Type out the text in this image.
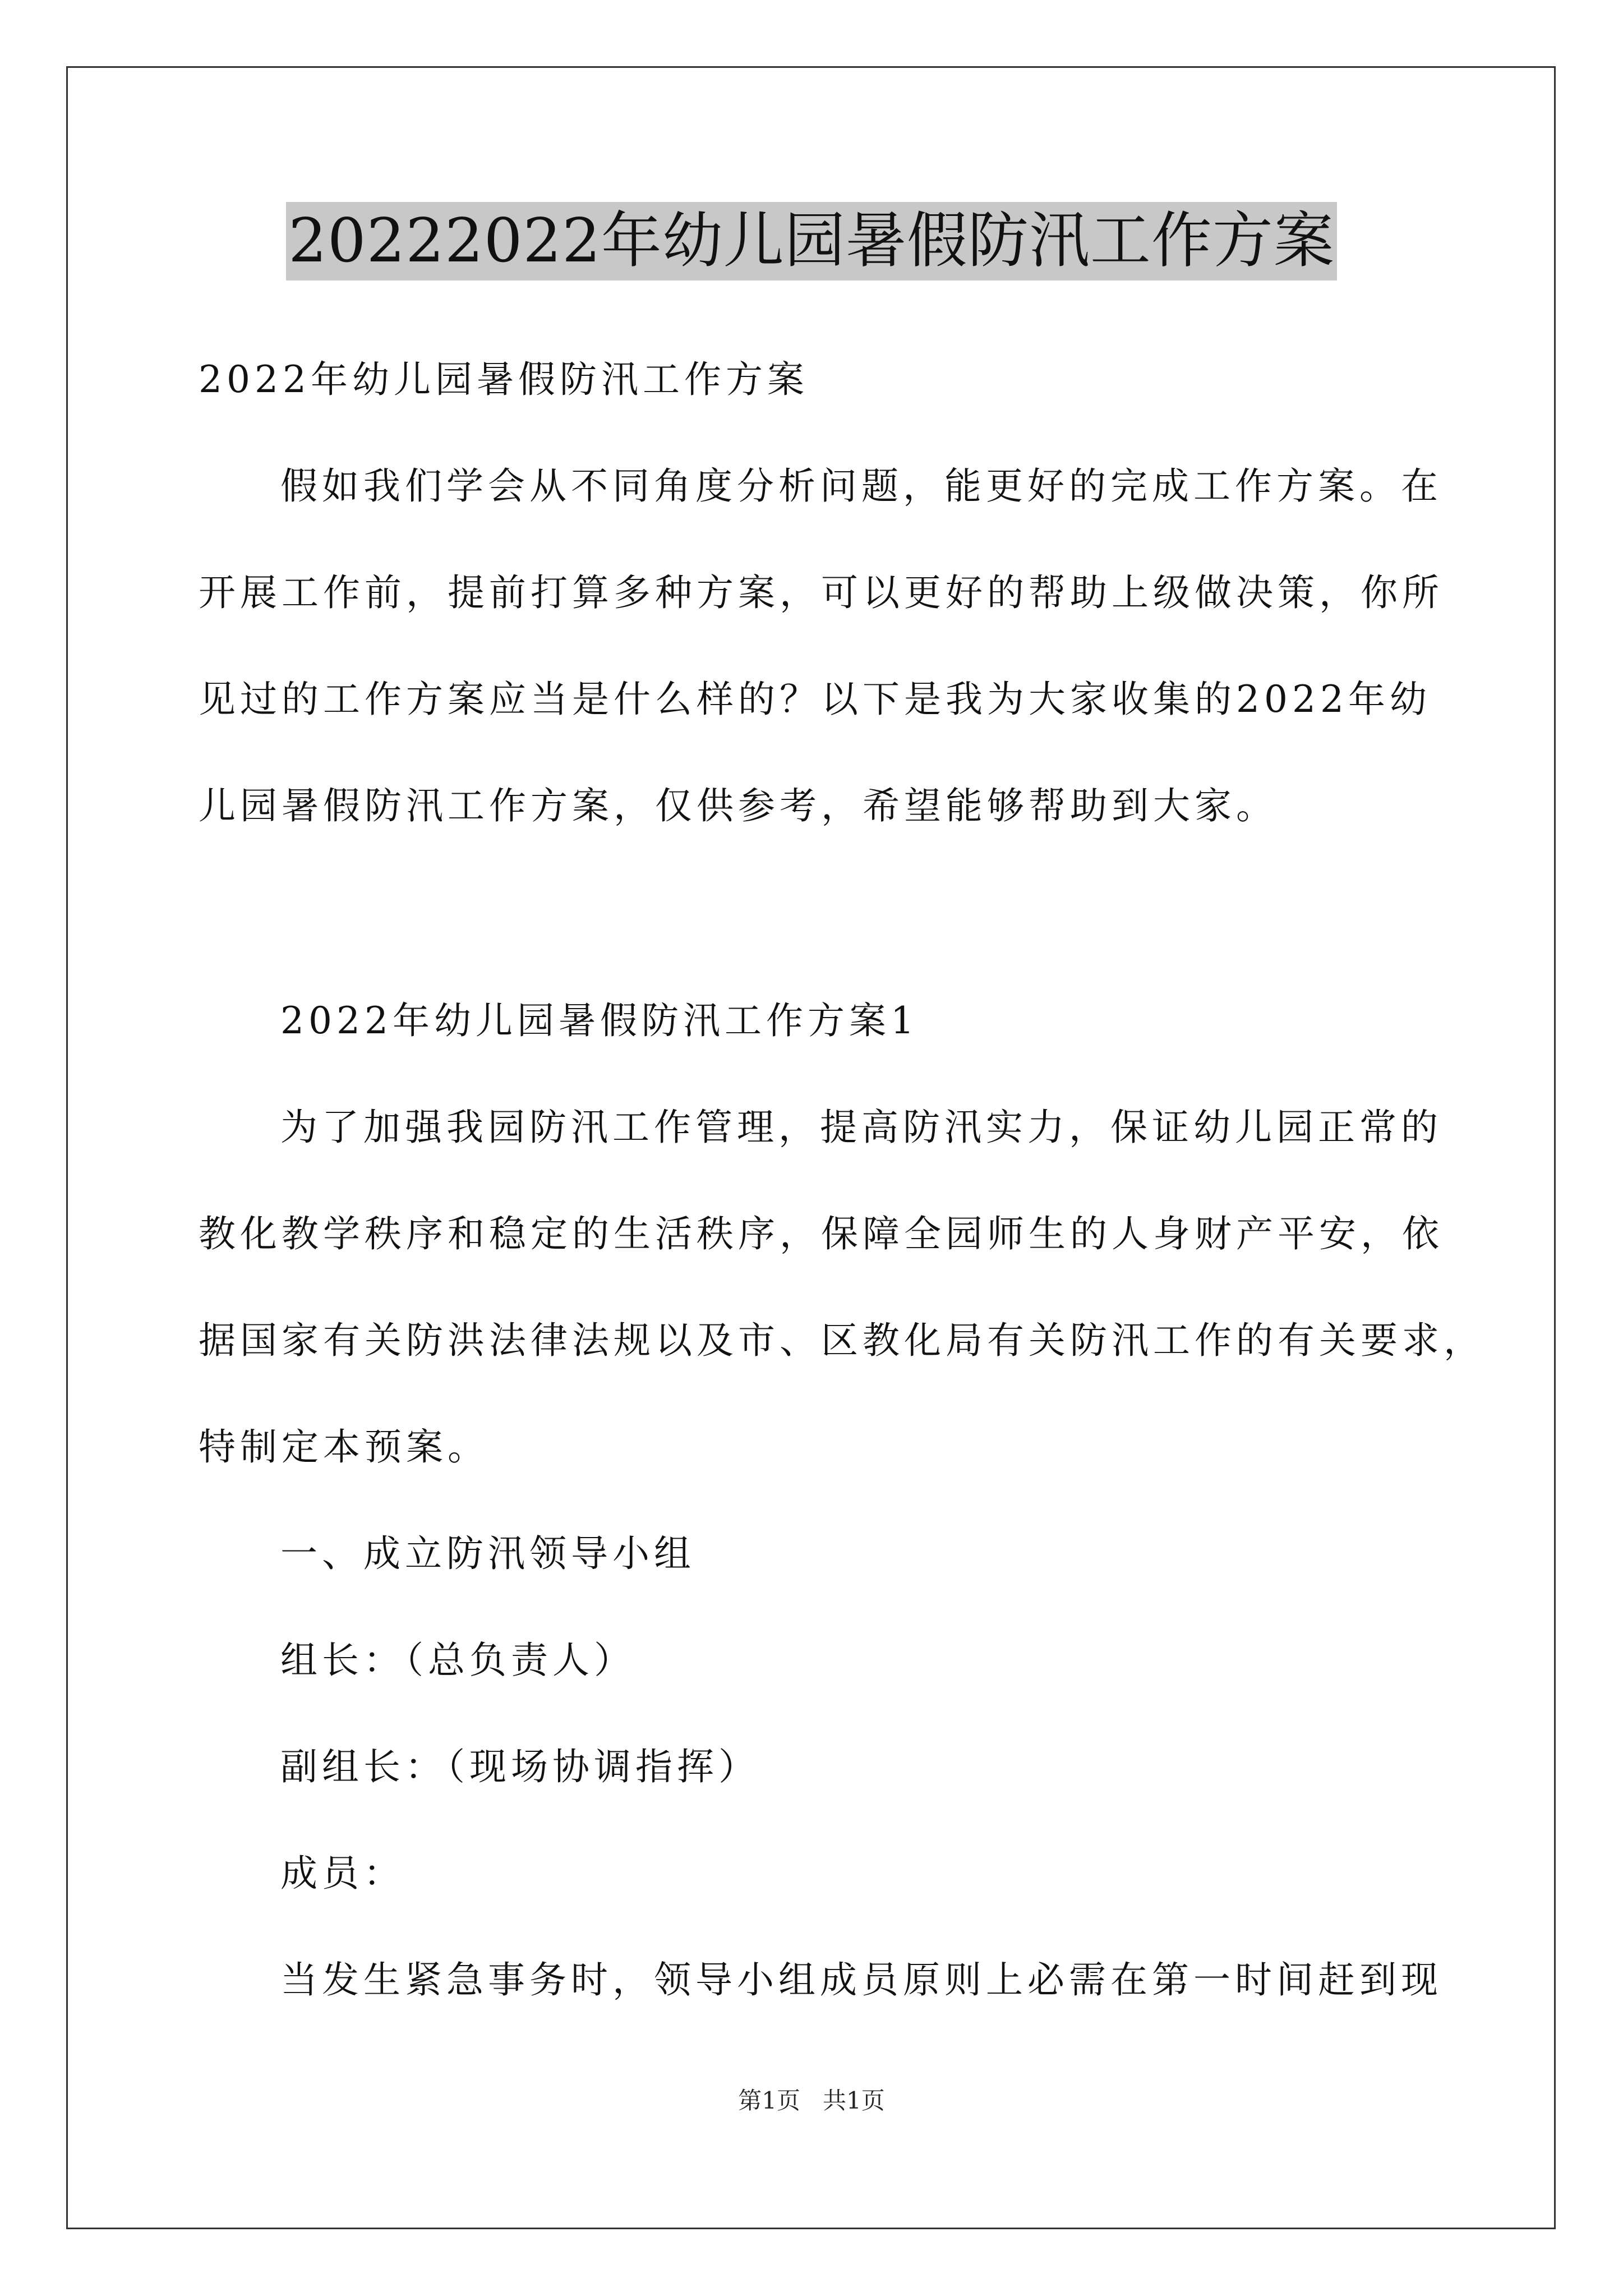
20222022年幼儿园暑假防汛工作方案
2022年幼儿园暑假防汛工作方案
假如我们学会从不同角度分析问题，能更好的完成工作方案。在
开展工作前，提前打算多种方案，可以更好的帮助上级做决策，你所
见过的工作方案应当是什么样的？以下是我为大家收集的2022年幼
儿园暑假防汛工作方案，仅供参考，希望能够帮助到大家。
2022年幼儿园暑假防汛工作方案1
为了加强我园防汛工作管理，提高防汛实力，保证幼儿园正常的
教化教学秩序和稳定的生活秩序，保障全园师生的人身财产平安，依
据国家有关防洪法律法规以及市、区教化局有关防汛工作的有关要求，
特制定本预案。
一、成立防汛领导小组
组长：（总负责人）
副组长：（现场协调指挥）
成员：
当发生紧急事务时，领导小组成员原则上必需在第一时间赶到现
第1页   共1页
